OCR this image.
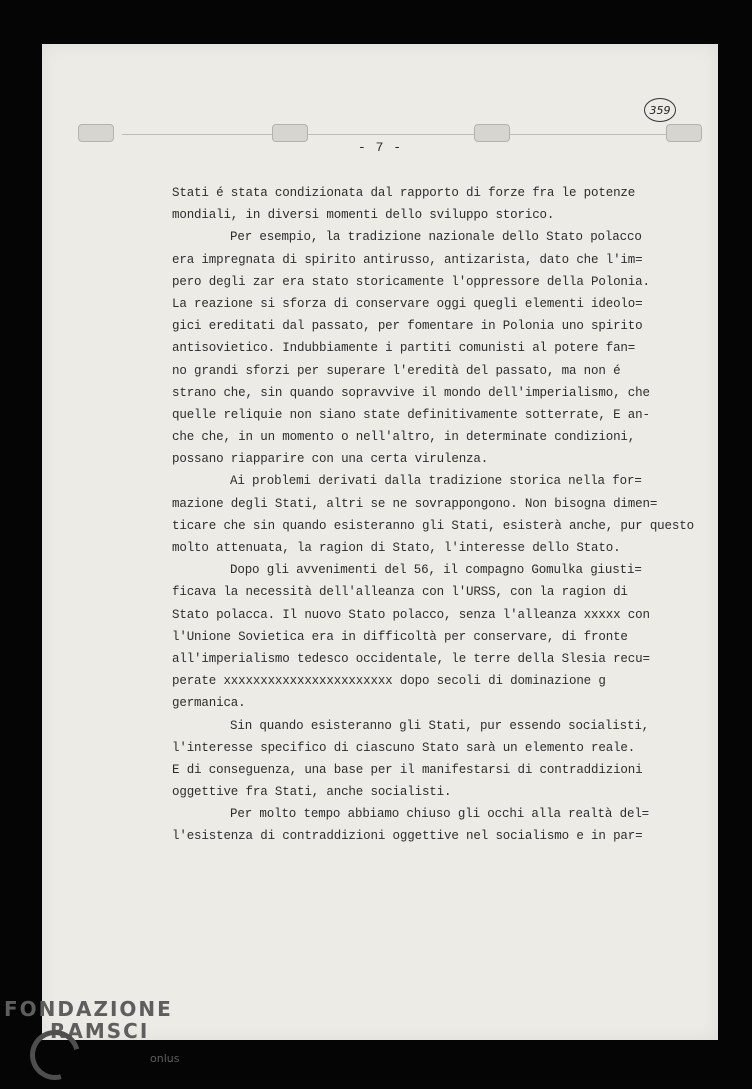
359
- 7 -
Stati é stata condizionata dal rapporto di forze fra le potenze
mondiali, in diversi momenti dello sviluppo storico.
Per esempio, la tradizione nazionale dello Stato polacco
era impregnata di spirito antirusso, antizarista, dato che l'im=
pero degli zar era stato storicamente l'oppressore della Polonia.
La reazione si sforza di conservare oggi quegli elementi ideolo=
gici ereditati dal passato, per fomentare in Polonia uno spirito
antisovietico. Indubbiamente i partiti comunisti al potere fan=
no grandi sforzi per superare l'eredità del passato, ma non é
strano che, sin quando sopravvive il mondo dell'imperialismo, che
quelle reliquie non siano state definitivamente sotterrate, E an-
che che, in un momento o nell'altro, in determinate condizioni,
possano riapparire con una certa virulenza.
Ai problemi derivati dalla tradizione storica nella for=
mazione degli Stati, altri se ne sovrappongono. Non bisogna dimen=
ticare che sin quando esisteranno gli Stati, esisterà anche, pur questo
molto attenuata, la ragion di Stato, l'interesse dello Stato.
Dopo gli avvenimenti del 56, il compagno Gomulka giusti=
ficava la necessità dell'alleanza con l'URSS, con la ragion di
Stato polacca. Il nuovo Stato polacco, senza l'alleanza xxxxx con
l'Unione Sovietica era in difficoltà per conservare, di fronte
all'imperialismo tedesco occidentale, le terre della Slesia recu=
perate xxxxxxxxxxxxxxxxxxxxxxx dopo secoli di dominazione g
germanica.
Sin quando esisteranno gli Stati, pur essendo socialisti,
l'interesse specifico di ciascuno Stato sarà un elemento reale.
E di conseguenza, una base per il manifestarsi di contraddizioni
oggettive fra Stati, anche socialisti.
Per molto tempo abbiamo chiuso gli occhi alla realtà del=
l'esistenza di contraddizioni oggettive nel socialismo e in par=
FONDAZIONE
RAMSCI
onlus
